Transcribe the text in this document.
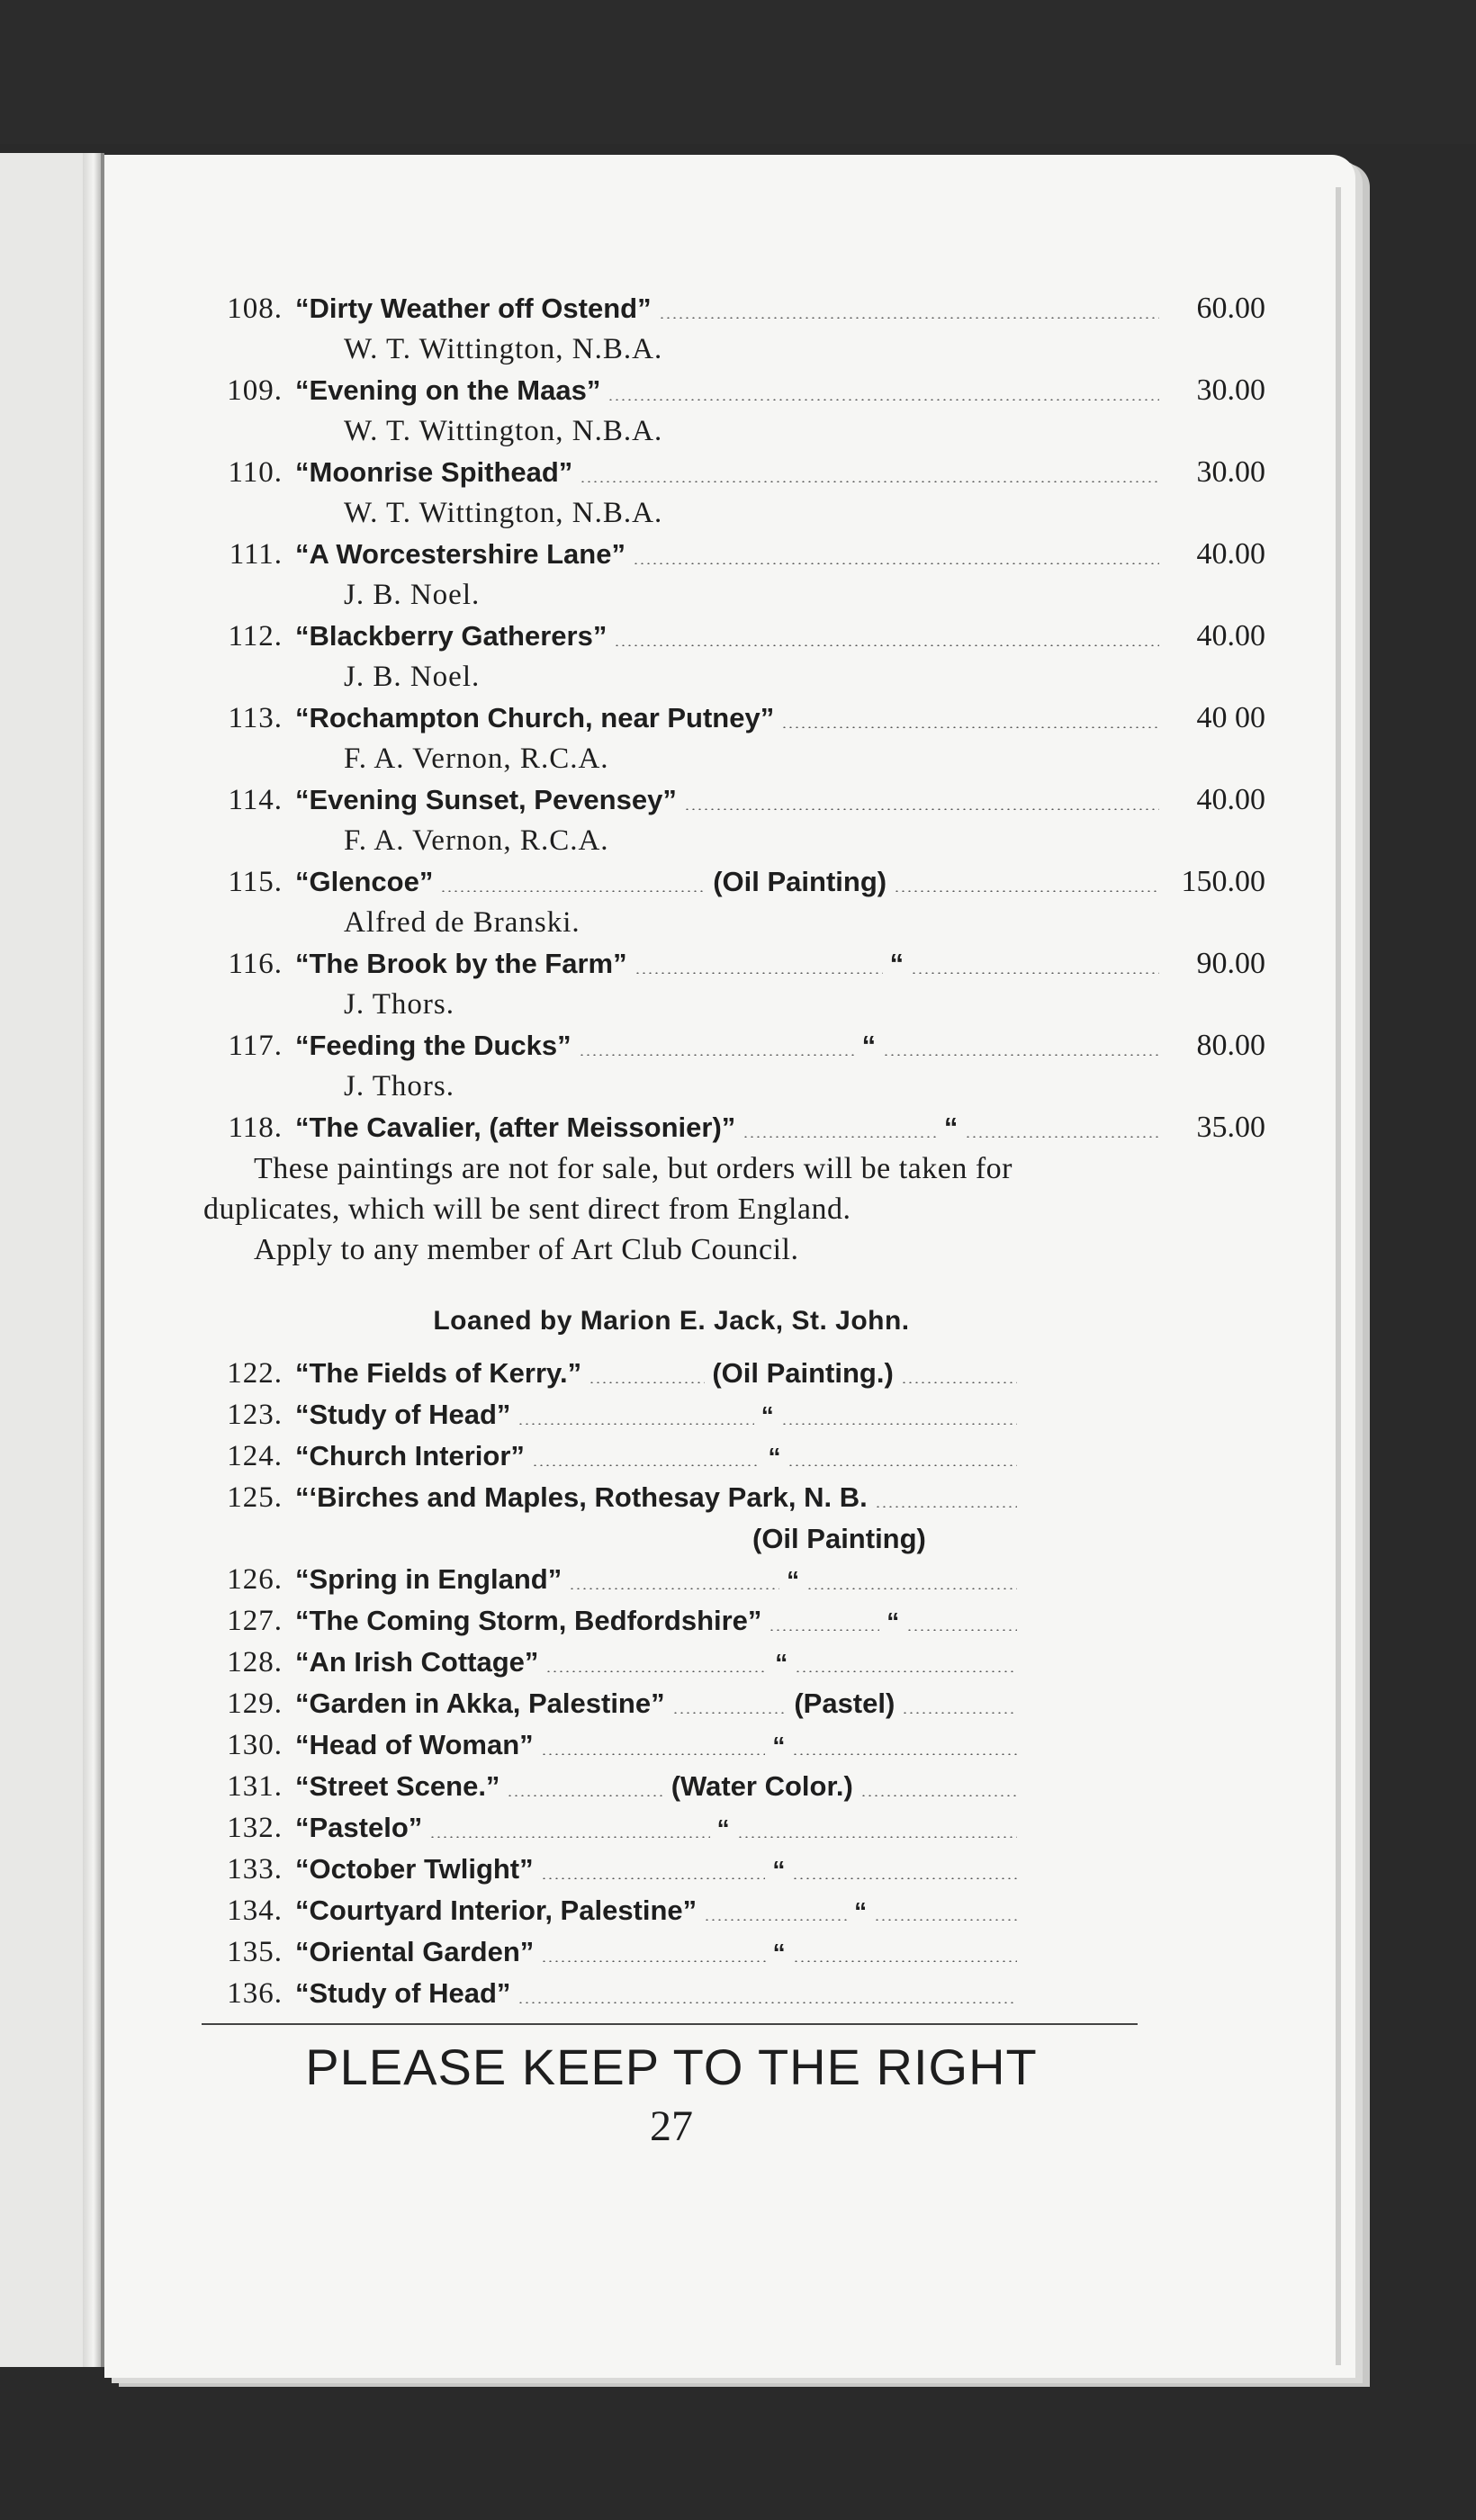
108. “Dirty Weather off Ostend”	60.00
W. T. Wittington, N.B.A.
109. “Evening on the Maas”	30.00
W. T. Wittington, N.B.A.
110. “Moonrise Spithead”	30.00
W. T. Wittington, N.B.A.
111. “A Worcestershire Lane”	40.00
J. B. Noel.
112. “Blackberry Gatherers”	40.00
J. B. Noel.
113. “Rochampton Church, near Putney”	40 00
F. A. Vernon, R.C.A.
114. “Evening Sunset, Pevensey”	40.00
F. A. Vernon, R.C.A.
115. “Glencoe”	(Oil Painting)	150.00
Alfred de Branski.
116. “The Brook by the Farm”	“	90.00
J. Thors.
117. “Feeding the Ducks”	“	80.00
J. Thors.
118. “The Cavalier, (after Meissonier)”	“	35.00
These paintings are not for sale, but orders will be taken for
duplicates, which will be sent direct from England.
Apply to any member of Art Club Council.
Loaned by Marion E. Jack, St. John.
122. “The Fields of Kerry.”	(Oil Painting.)
123. “Study of Head”	“
124. “Church Interior”	“
125. “‘Birches and Maples, Rothesay Park, N. B.
(Oil Painting)
126. “Spring in England”	“
127. “The Coming Storm, Bedfordshire”	“
128. “An Irish Cottage”	“
129. “Garden in Akka, Palestine”	(Pastel)
130. “Head of Woman”	“
131. “Street Scene.”	(Water Color.)
132. “Pastelo”	“
133. “October Twlight”	“
134. “Courtyard Interior, Palestine”	“
135. “Oriental Garden”	“
136. “Study of Head”
PLEASE KEEP TO THE RIGHT
27
